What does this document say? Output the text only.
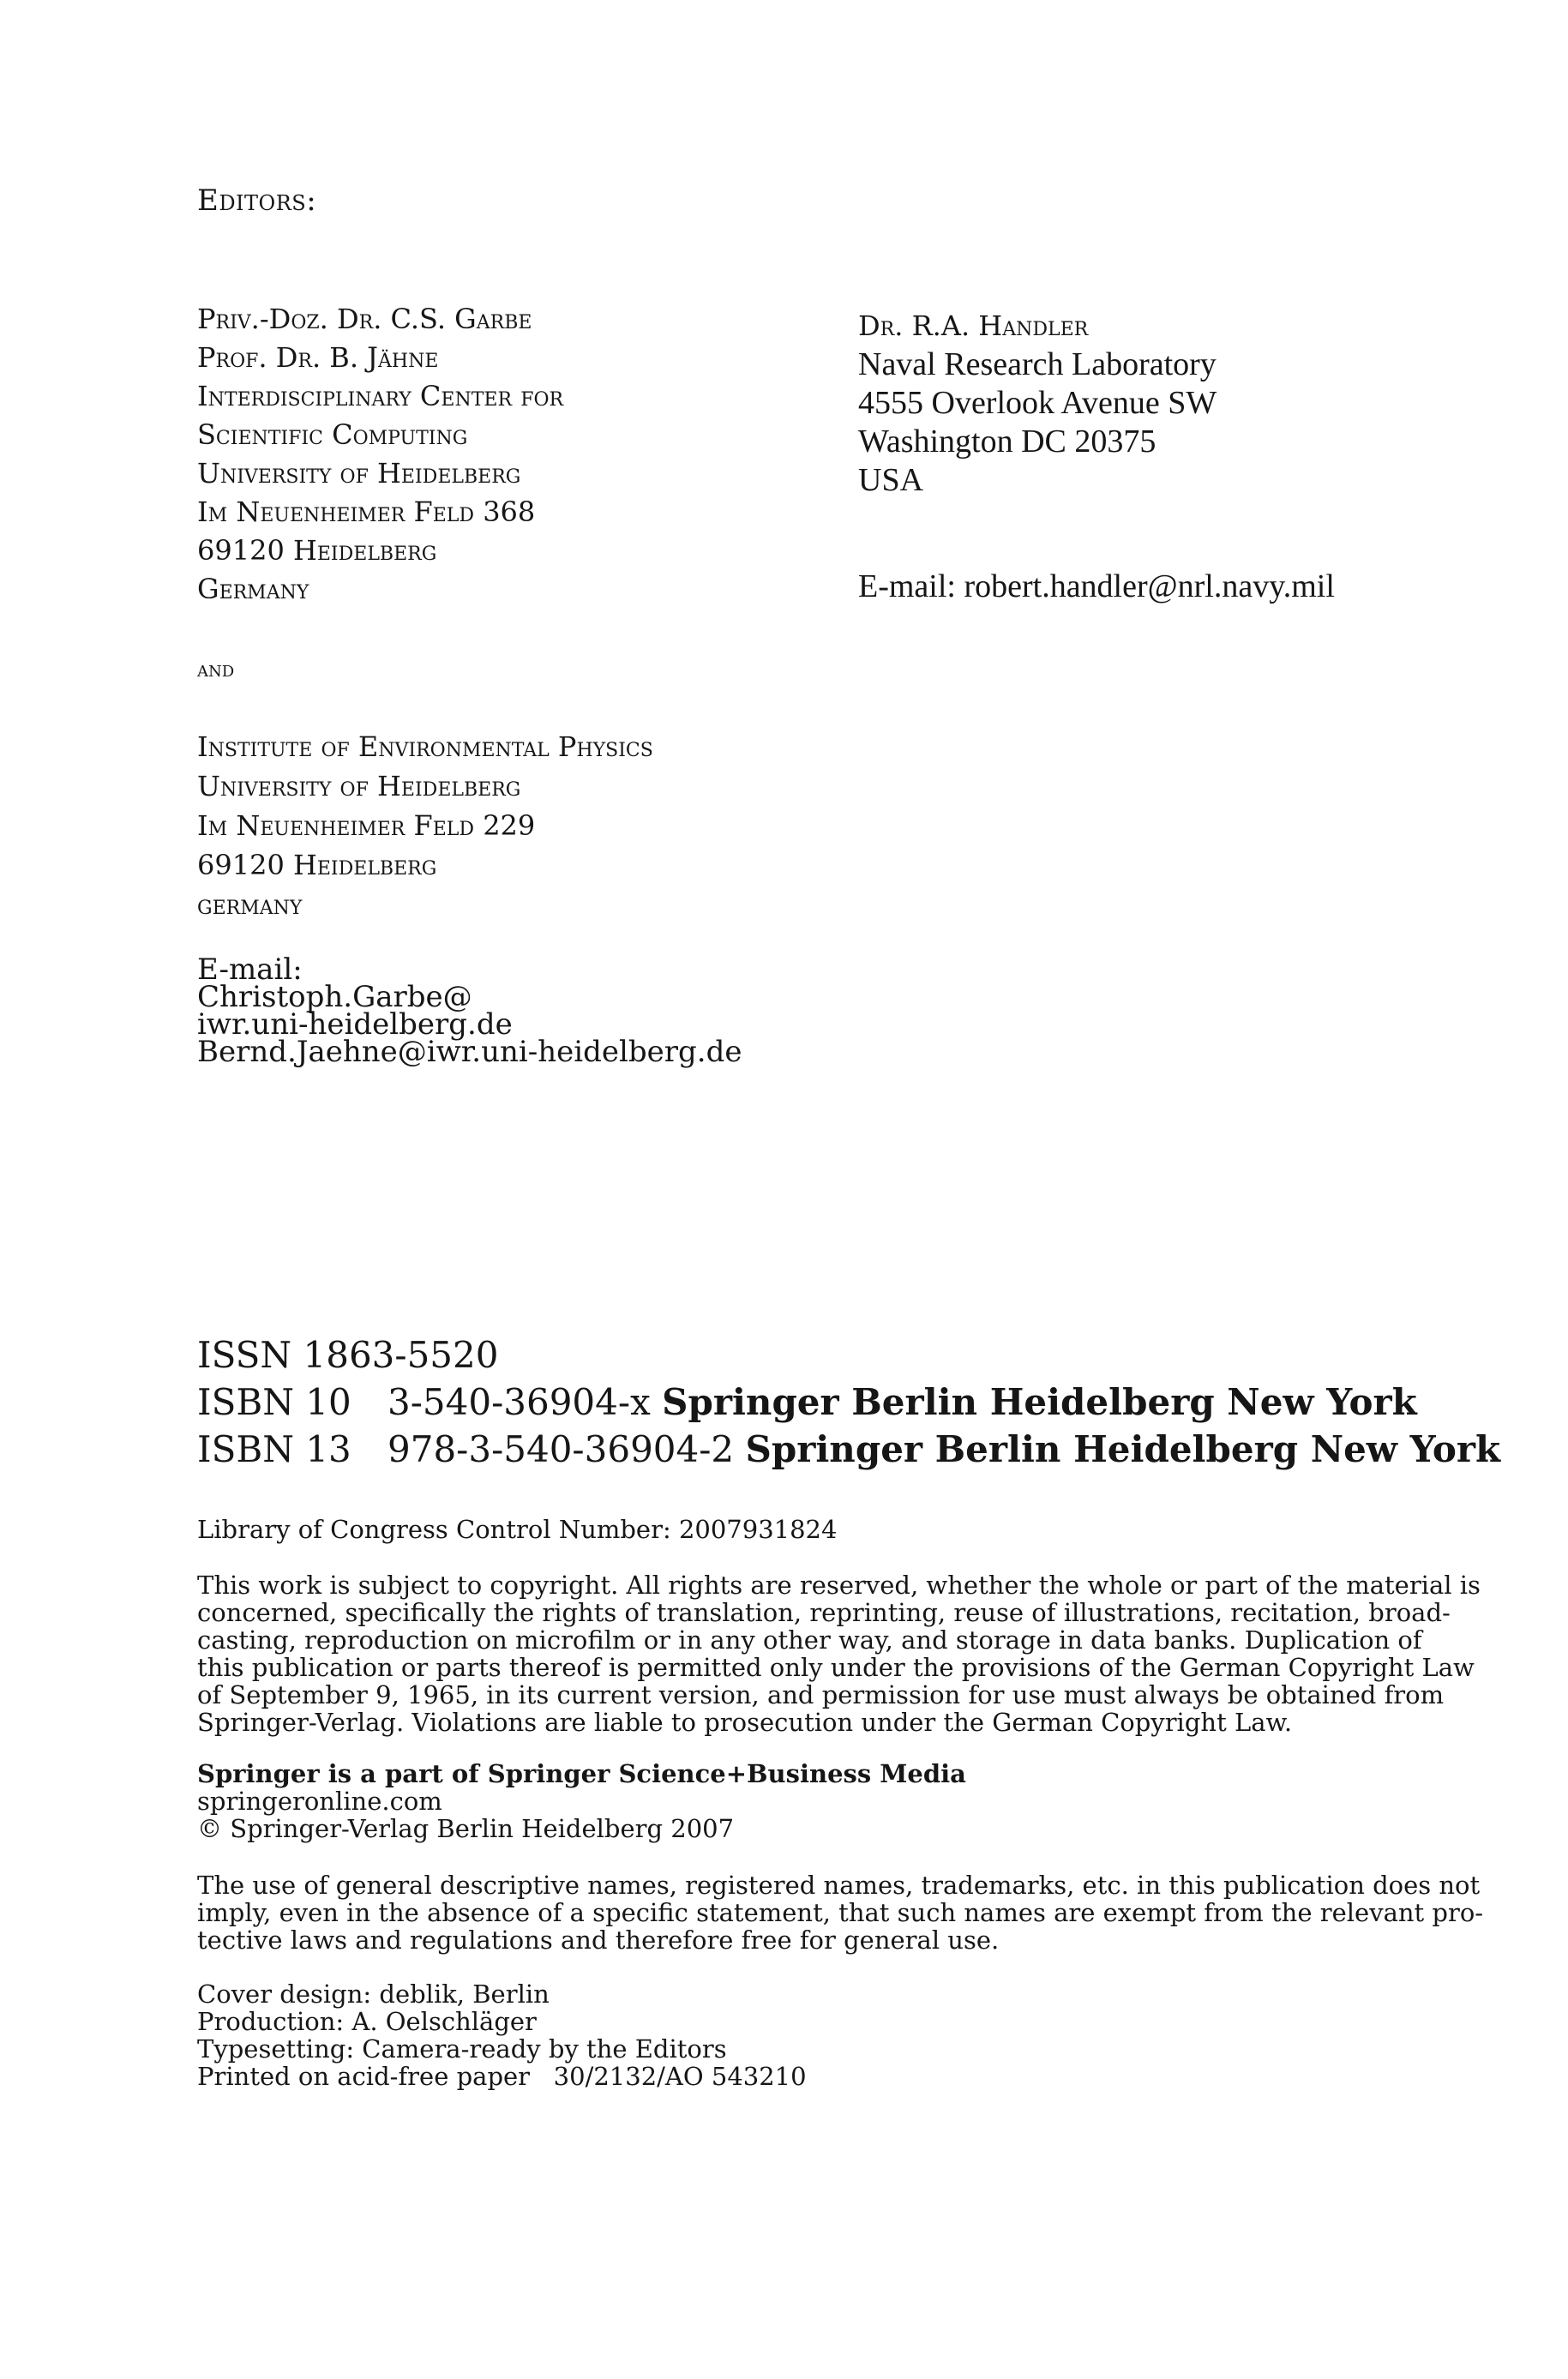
Editors:
Priv.-Doz. Dr. C.S. Garbe
Prof. Dr. B. Jähne
Interdisciplinary Center for
Scientific Computing
University of Heidelberg
Im Neuenheimer Feld 368
69120 Heidelberg
Germany
Dr. R.A. Handler
Naval Research Laboratory
4555 Overlook Avenue SW
Washington DC 20375
USA
E-mail: robert.handler@nrl.navy.mil
and
Institute of Environmental Physics
University of Heidelberg
Im Neuenheimer Feld 229
69120 Heidelberg
germany
E-mail:
Christoph.Garbe@
iwr.uni-heidelberg.de
Bernd.Jaehne@iwr.uni-heidelberg.de
ISSN 1863-5520
ISBN 10 3-540-36904-x Springer Berlin Heidelberg New York
ISBN 13 978-3-540-36904-2 Springer Berlin Heidelberg New York
Library of Congress Control Number: 2007931824
This work is subject to copyright. All rights are reserved, whether the whole or part of the material is
concerned, specifically the rights of translation, reprinting, reuse of illustrations, recitation, broad-
casting, reproduction on microfilm or in any other way, and storage in data banks. Duplication of
this publication or parts thereof is permitted only under the provisions of the German Copyright Law
of September 9, 1965, in its current version, and permission for use must always be obtained from
Springer-Verlag. Violations are liable to prosecution under the German Copyright Law.
Springer is a part of Springer Science+Business Media
springeronline.com
© Springer-Verlag Berlin Heidelberg 2007
The use of general descriptive names, registered names, trademarks, etc. in this publication does not
imply, even in the absence of a specific statement, that such names are exempt from the relevant pro-
tective laws and regulations and therefore free for general use.
Cover design: deblik, Berlin
Production: A. Oelschläger
Typesetting: Camera-ready by the Editors
Printed on acid-free paper   30/2132/AO 543210
